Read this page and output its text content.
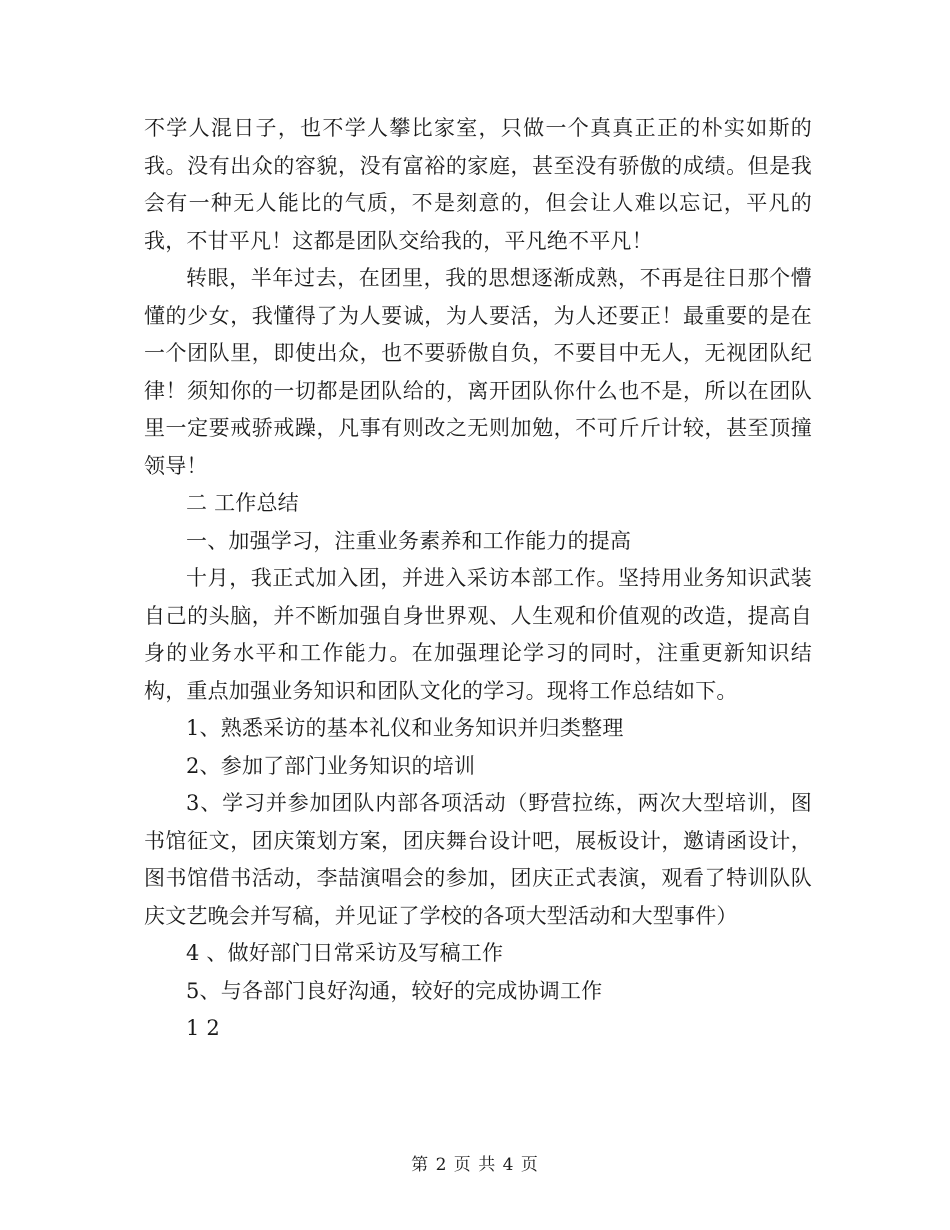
不学人混日子，也不学人攀比家室，只做一个真真正正的朴实如斯的我。没有出众的容貌，没有富裕的家庭，甚至没有骄傲的成绩。但是我会有一种无人能比的气质，不是刻意的，但会让人难以忘记，平凡的我，不甘平凡！这都是团队交给我的，平凡绝不平凡！

转眼，半年过去，在团里，我的思想逐渐成熟，不再是往日那个懵懂的少女，我懂得了为人要诚，为人要活，为人还要正！最重要的是在一个团队里，即使出众，也不要骄傲自负，不要目中无人，无视团队纪律！须知你的一切都是团队给的，离开团队你什么也不是，所以在团队里一定要戒骄戒躁，凡事有则改之无则加勉，不可斤斤计较，甚至顶撞领导！

二 工作总结

一、加强学习，注重业务素养和工作能力的提高

十月，我正式加入团，并进入采访本部工作。坚持用业务知识武装自己的头脑，并不断加强自身世界观、人生观和价值观的改造，提高自身的业务水平和工作能力。在加强理论学习的同时，注重更新知识结构，重点加强业务知识和团队文化的学习。现将工作总结如下。

1、熟悉采访的基本礼仪和业务知识并归类整理

2、参加了部门业务知识的培训

3、学习并参加团队内部各项活动（野营拉练，两次大型培训，图书馆征文，团庆策划方案，团庆舞台设计吧，展板设计，邀请函设计，图书馆借书活动，李喆演唱会的参加，团庆正式表演，观看了特训队队庆文艺晚会并写稿，并见证了学校的各项大型活动和大型事件）

4 、做好部门日常采访及写稿工作

5、与各部门良好沟通，较好的完成协调工作

1 2

第 2 页 共 4 页
